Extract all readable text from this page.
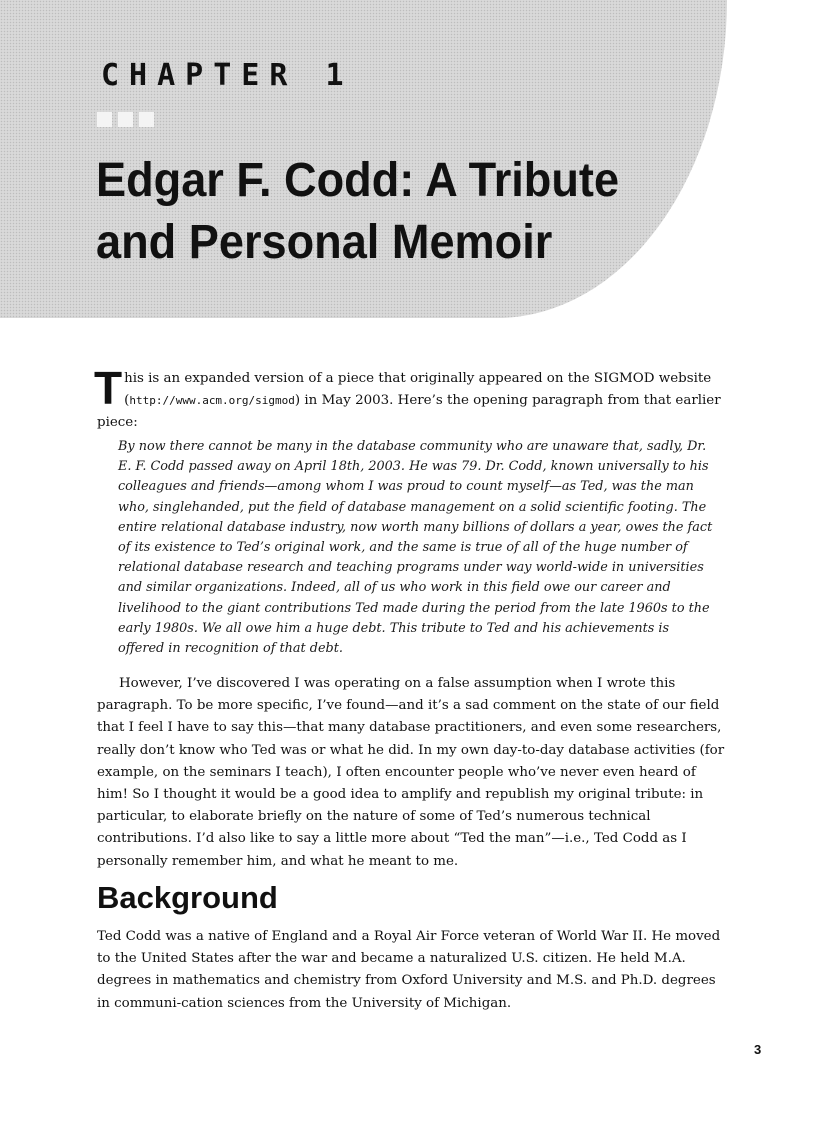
CHAPTER 1
Edgar F. Codd: A Tribute and Personal Memoir
T his is an expanded version of a piece that originally appeared on the SIGMOD website (http://www.acm.org/sigmod) in May 2003. Here’s the opening paragraph from that earlier piece:

By now there cannot be many in the database community who are unaware that, sadly, Dr. E. F. Codd passed away on April 18th, 2003. He was 79. Dr. Codd, known universally to his colleagues and friends—among whom I was proud to count myself—as Ted, was the man who, singlehanded, put the field of database management on a solid scientific footing. The entire relational database industry, now worth many billions of dollars a year, owes the fact of its existence to Ted’s original work, and the same is true of all of the huge number of relational database research and teaching programs under way world-wide in universities and similar organizations. Indeed, all of us who work in this field owe our career and livelihood to the giant contributions Ted made during the period from the late 1960s to the early 1980s. We all owe him a huge debt. This tribute to Ted and his achievements is offered in recognition of that debt.

However, I’ve discovered I was operating on a false assumption when I wrote this paragraph. To be more specific, I’ve found—and it’s a sad comment on the state of our field that I feel I have to say this—that many database practitioners, and even some researchers, really don’t know who Ted was or what he did. In my own day-to-day database activities (for example, on the seminars I teach), I often encounter people who’ve never even heard of him! So I thought it would be a good idea to amplify and republish my original tribute: in particular, to elaborate briefly on the nature of some of Ted’s numerous technical contributions. I’d also like to say a little more about “Ted the man”—i.e., Ted Codd as I personally remember him, and what he meant to me.

Background

Ted Codd was a native of England and a Royal Air Force veteran of World War II. He moved to the United States after the war and became a naturalized U.S. citizen. He held M.A. degrees in mathematics and chemistry from Oxford University and M.S. and Ph.D. degrees in communi-cation sciences from the University of Michigan.

3
